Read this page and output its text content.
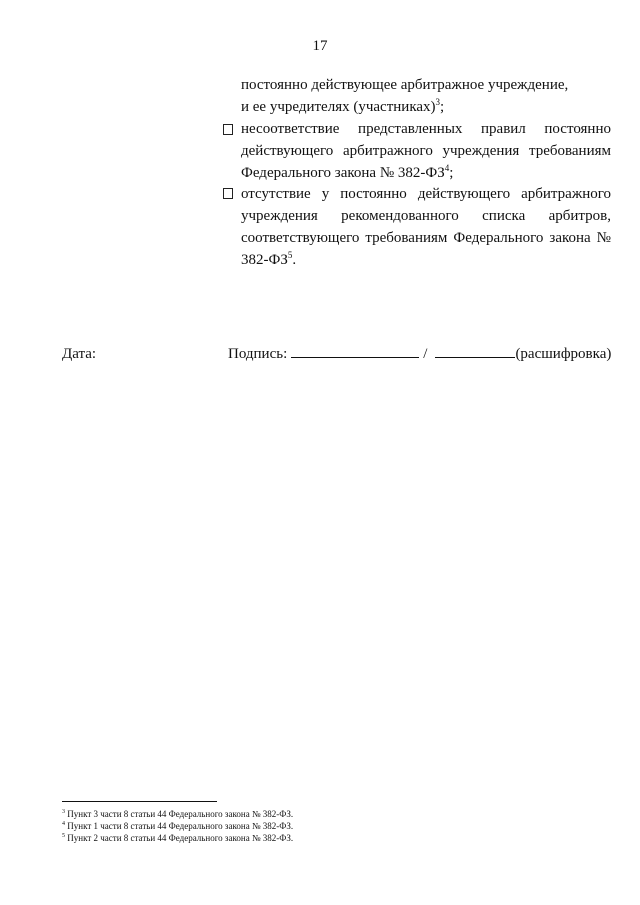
17
постоянно действующее арбитражное учреждение,
и ее учредителях (участниках)$^3$;
несоответствие представленных правил постоянно действующего арбитражного учреждения требованиям Федерального закона № $382-ФЗ^4$;
отсутствие у постоянно действующего арбитражного учреждения рекомендованного списка арбитров, соответствующего требованиям Федерального закона № $382-ФЗ^5$.
Дата:	Подпись:	/	(расшифровка)
$^3$ Пункт 3 части 8 статьи 44 Федерального закона № 382-ФЗ.
$^4$ Пункт 1 части 8 статьи 44 Федерального закона № 382-ФЗ.
$^5$ Пункт 2 части 8 статьи 44 Федерального закона № 382-ФЗ.
